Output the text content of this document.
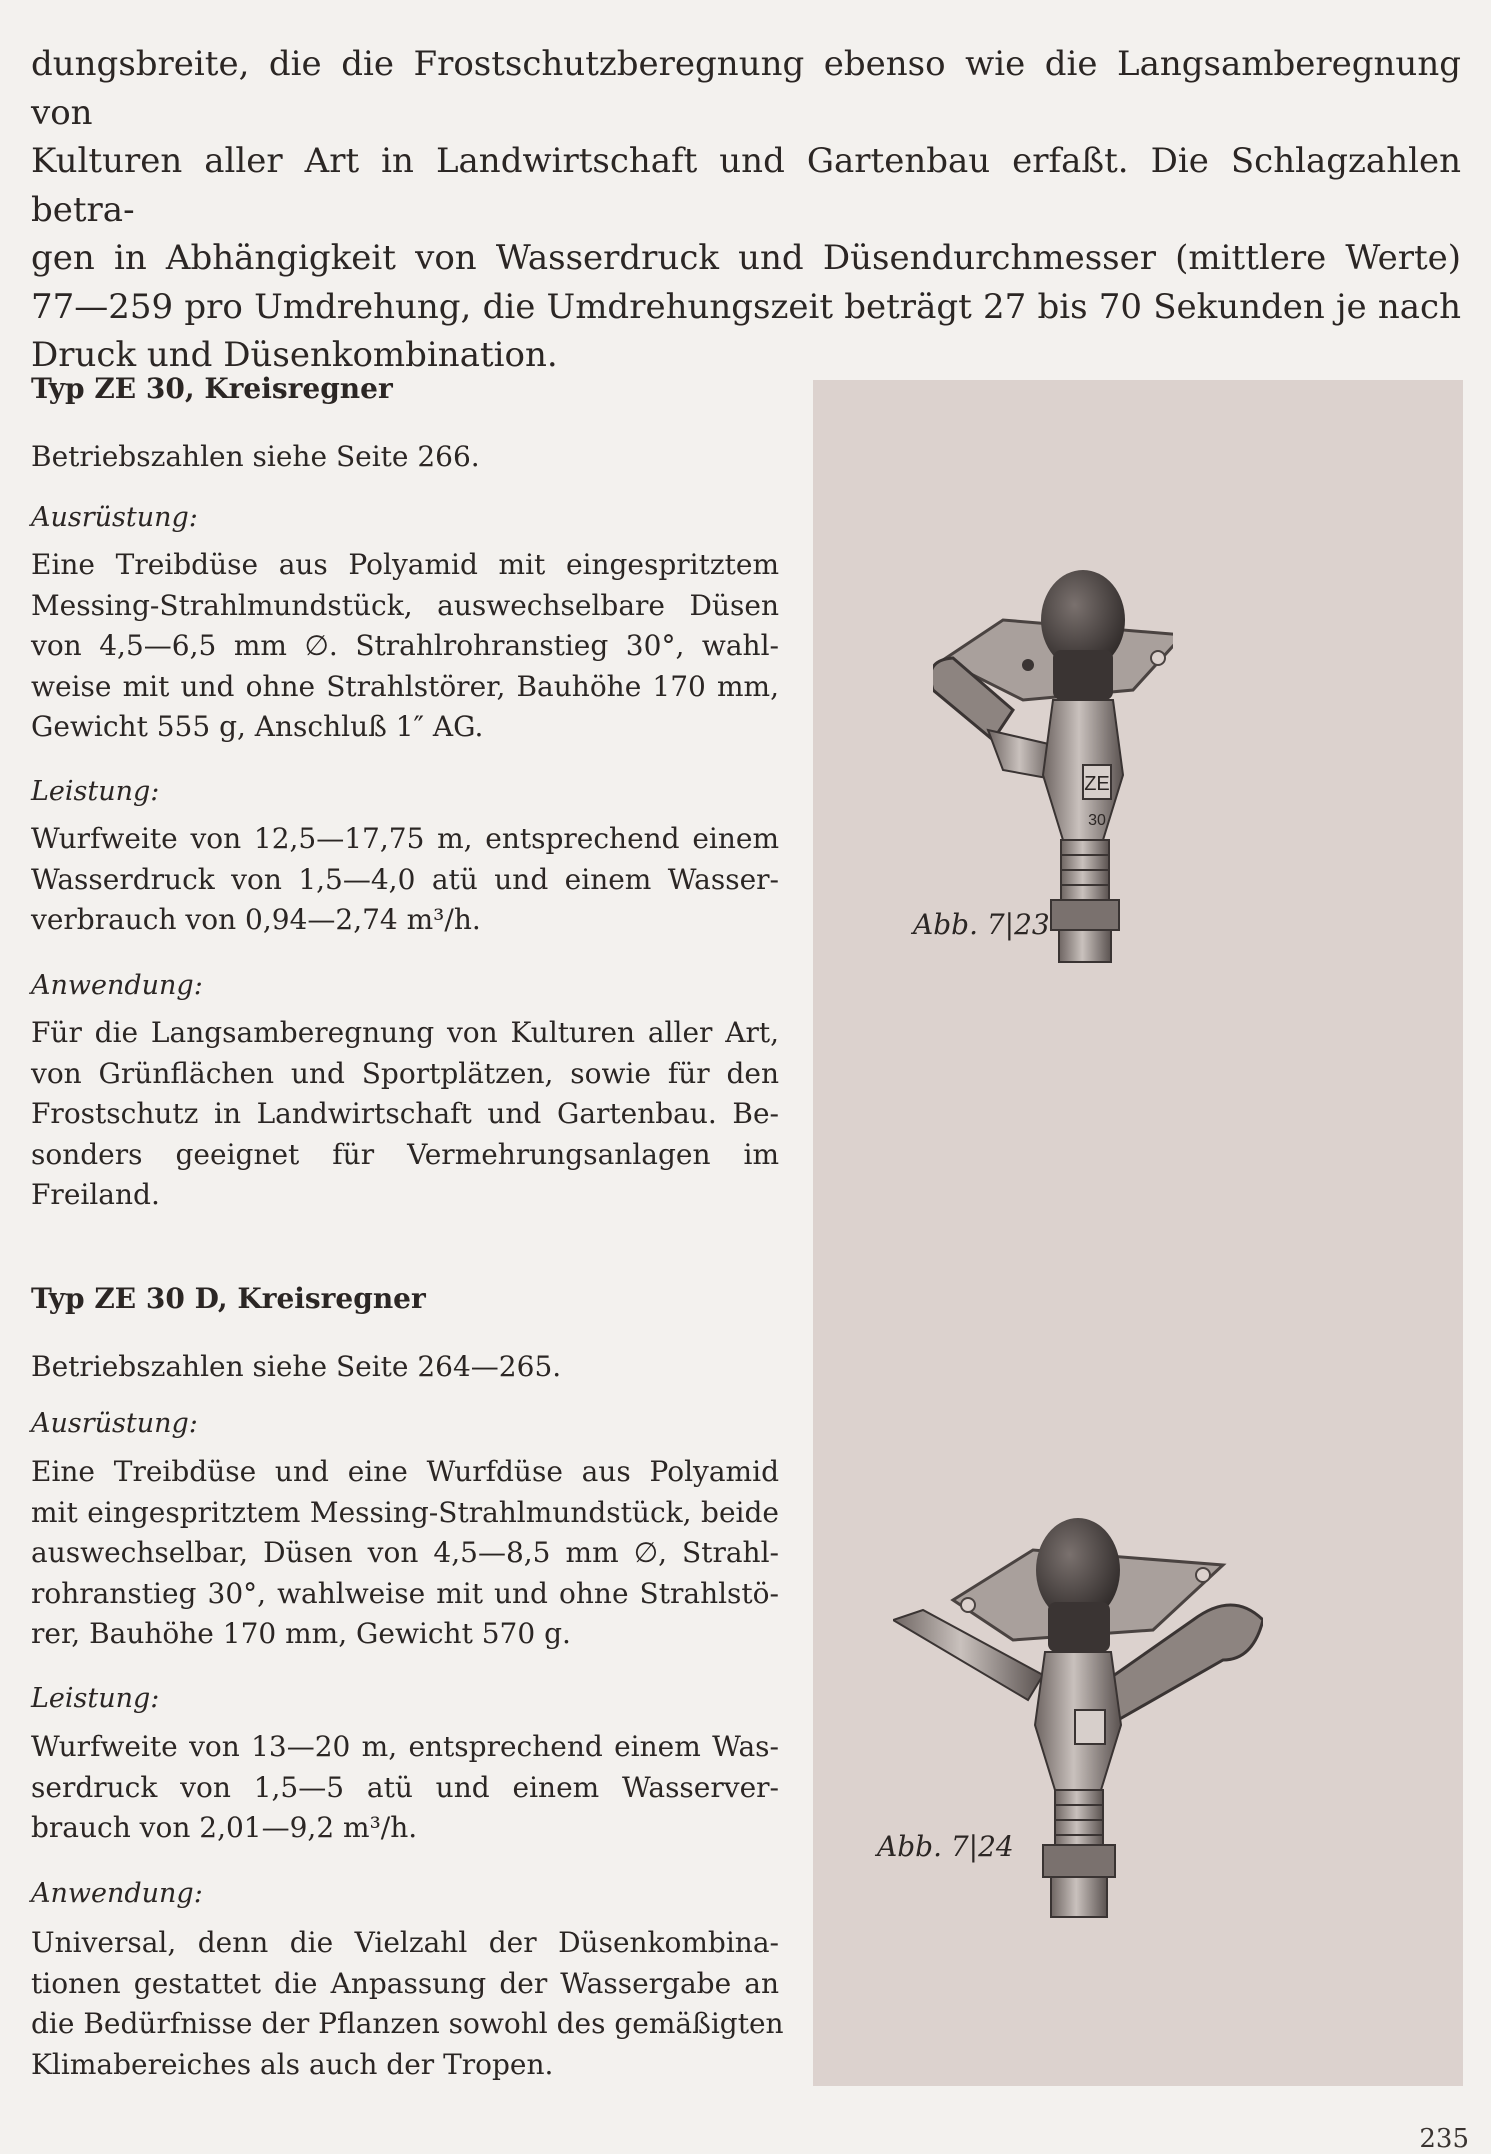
dungsbreite, die die Frostschutzberegnung ebenso wie die Langsamberegnung von
Kulturen aller Art in Landwirtschaft und Gartenbau erfaßt. Die Schlagzahlen betra-
gen in Abhängigkeit von Wasserdruck und Düsendurchmesser (mittlere Werte)
77—259 pro Umdrehung, die Umdrehungszeit beträgt 27 bis 70 Sekunden je nach
Druck und Düsenkombination.
Typ ZE 30, Kreisregner
Betriebszahlen siehe Seite 266.
Ausrüstung:
Eine Treibdüse aus Polyamid mit eingespritztem
Messing-Strahlmundstück, auswechselbare Düsen
von 4,5—6,5 mm ∅. Strahlrohranstieg 30°, wahl-
weise mit und ohne Strahlstörer, Bauhöhe 170 mm,
Gewicht 555 g, Anschluß 1″ AG.
Leistung:
Wurfweite von 12,5—17,75 m, entsprechend einem
Wasserdruck von 1,5—4,0 atü und einem Wasser-
verbrauch von 0,94—2,74 m³/h.
Anwendung:
Für die Langsamberegnung von Kulturen aller Art,
von Grünflächen und Sportplätzen, sowie für den
Frostschutz in Landwirtschaft und Gartenbau. Be-
sonders geeignet für Vermehrungsanlagen im
Freiland.
Typ ZE 30 D, Kreisregner
Betriebszahlen siehe Seite 264—265.
Ausrüstung:
Eine Treibdüse und eine Wurfdüse aus Polyamid
mit eingespritztem Messing-Strahlmundstück, beide
auswechselbar, Düsen von 4,5—8,5 mm ∅, Strahl-
rohranstieg 30°, wahlweise mit und ohne Strahlstö-
rer, Bauhöhe 170 mm, Gewicht 570 g.
Leistung:
Wurfweite von 13—20 m, entsprechend einem Was-
serdruck von 1,5—5 atü und einem Wasserver-
brauch von 2,01—9,2 m³/h.
Anwendung:
Universal, denn die Vielzahl der Düsenkombina-
tionen gestattet die Anpassung der Wassergabe an
die Bedürfnisse der Pflanzen sowohl des gemäßigten
Klimabereiches als auch der Tropen.
ZE
30
Abb. 7|23
Abb. 7|24
235
